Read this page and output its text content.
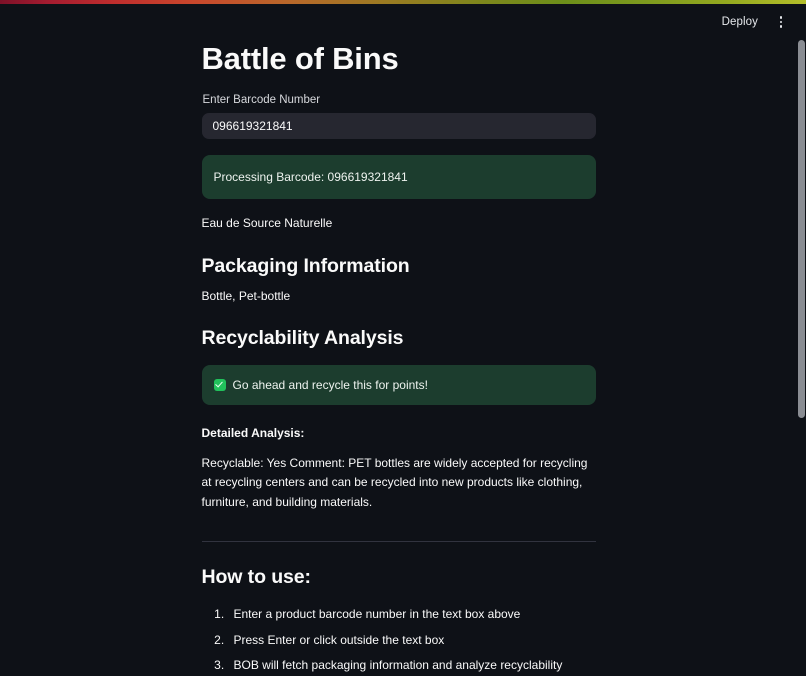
Deploy
Battle of Bins
Enter Barcode Number
096619321841
Processing Barcode: 096619321841

Eau de Source Naturelle

Packaging Information

Bottle, Pet-bottle

Recyclability Analysis
Go ahead and recycle this for points!

Detailed Analysis:

Recyclable: Yes Comment: PET bottles are widely accepted for recycling at recycling centers and can be recycled into new products like clothing, furniture, and building materials.

How to use:
1. Enter a product barcode number in the text box above
2. Press Enter or click outside the text box
3. BOB will fetch packaging information and analyze recyclability
